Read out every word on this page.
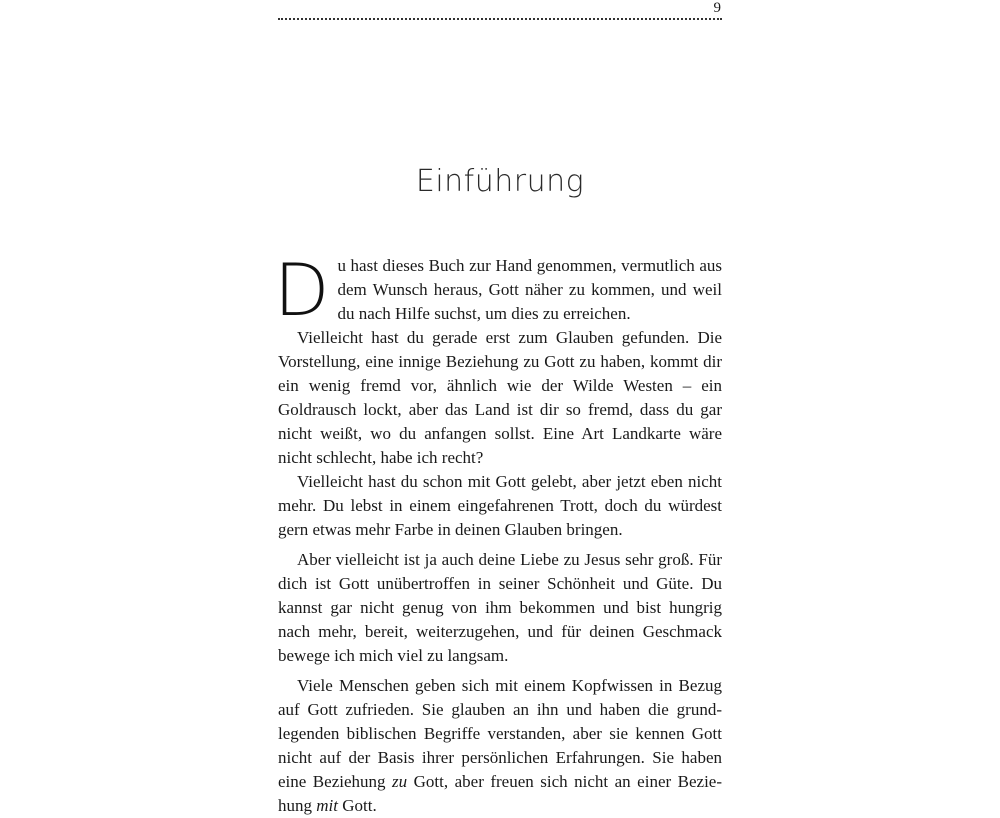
9
Einführung

Du hast dieses Buch zur Hand genommen, vermutlich aus dem Wunsch heraus, Gott näher zu kommen, und weil du nach Hilfe suchst, um dies zu erreichen.

Vielleicht hast du gerade erst zum Glauben gefunden. Die Vorstellung, eine innige Beziehung zu Gott zu haben, kommt dir ein wenig fremd vor, ähnlich wie der Wilde Westen – ein Goldrausch lockt, aber das Land ist dir so fremd, dass du gar nicht weißt, wo du anfangen sollst. Eine Art Landkarte wäre nicht schlecht, habe ich recht?

Vielleicht hast du schon mit Gott gelebt, aber jetzt eben nicht mehr. Du lebst in einem eingefahrenen Trott, doch du würdest gern etwas mehr Farbe in deinen Glauben bringen.

Aber vielleicht ist ja auch deine Liebe zu Jesus sehr groß. Für dich ist Gott unübertroffen in seiner Schönheit und Güte. Du kannst gar nicht genug von ihm bekommen und bist hungrig nach mehr, bereit, weiterzugehen, und für deinen Geschmack bewege ich mich viel zu langsam.

Viele Menschen geben sich mit einem Kopfwissen in Bezug auf Gott zufrieden. Sie glauben an ihn und haben die grundlegenden biblischen Begriffe verstanden, aber sie kennen Gott nicht auf der Basis ihrer persönlichen Erfahrungen. Sie haben eine Beziehung zu Gott, aber freuen sich nicht an einer Beziehung mit Gott.
